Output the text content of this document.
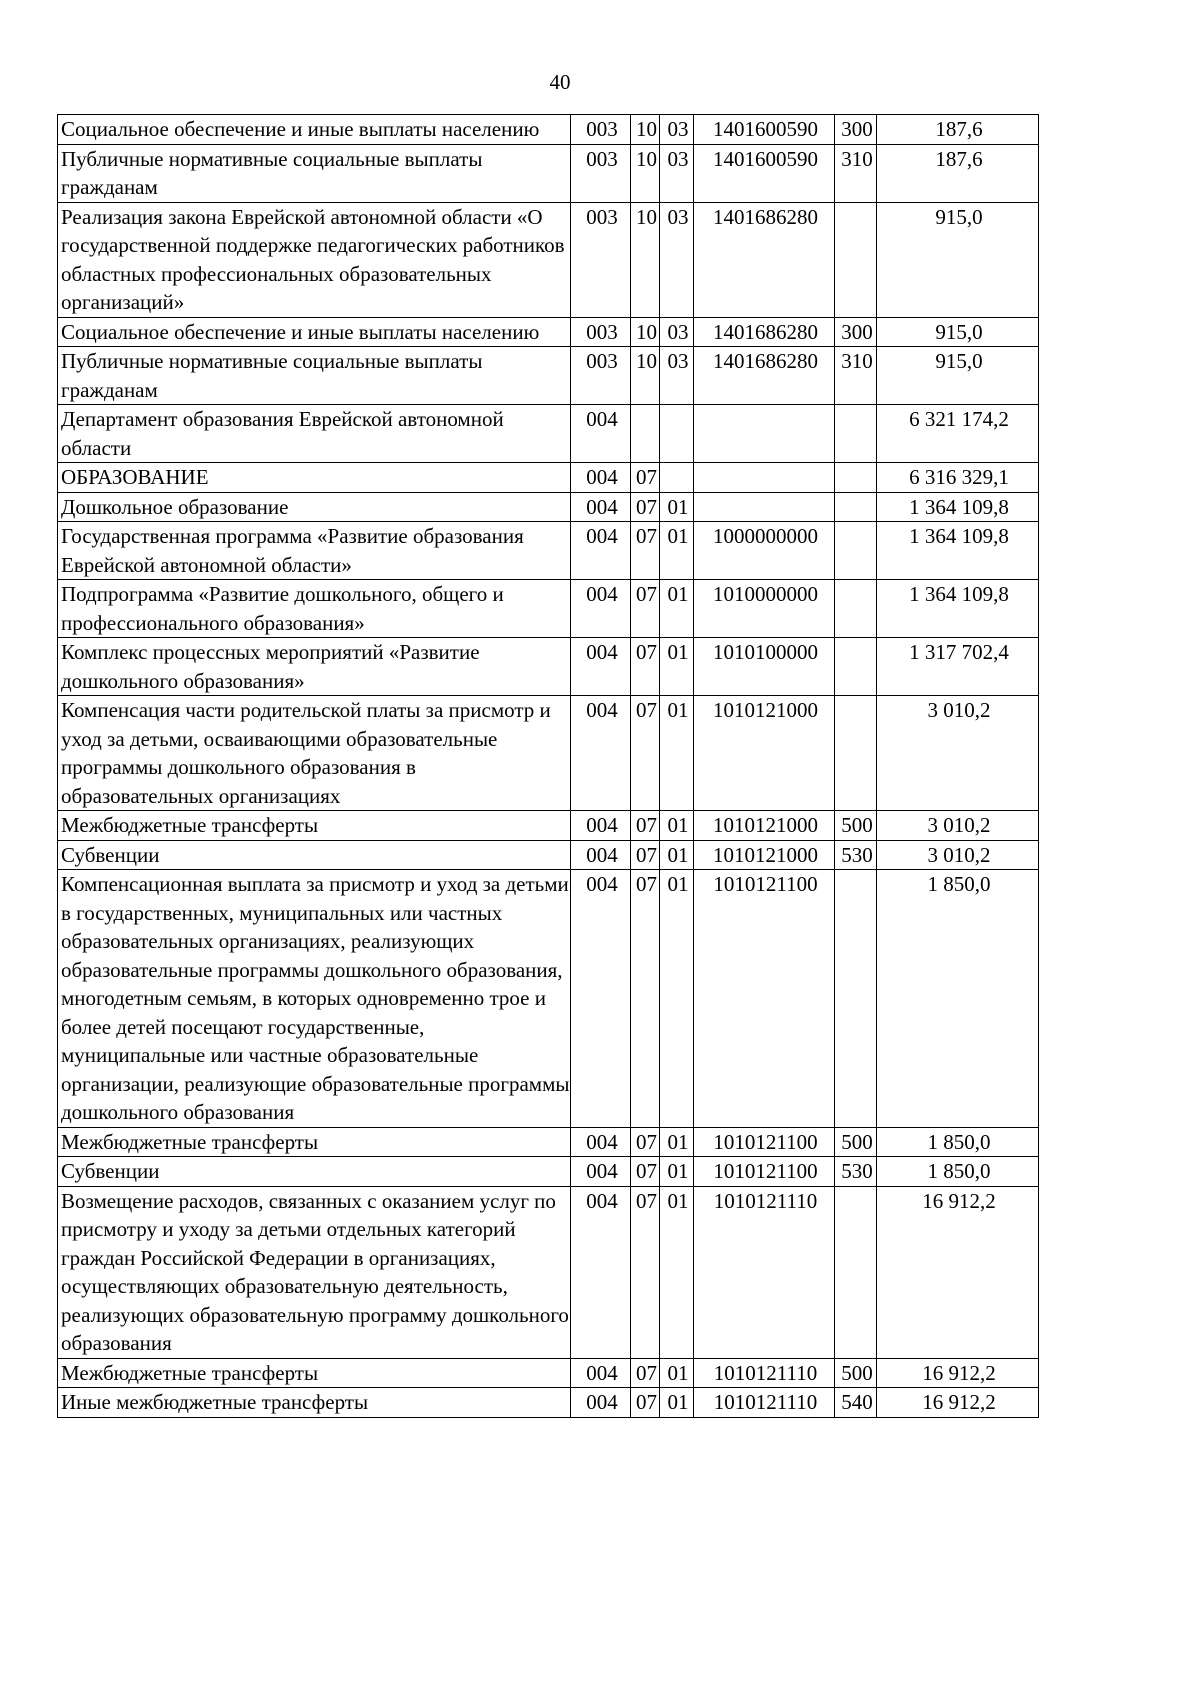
40
Социальное обеспечение и иные выплаты населению	003	10	03	1401600590	300	187,6
Публичные нормативные социальные выплаты гражданам	003	10	03	1401600590	310	187,6
Реализация закона Еврейской автономной области «О государственной поддержке педагогических работников областных профессиональных образовательных организаций»	003	10	03	1401686280		915,0
Социальное обеспечение и иные выплаты населению	003	10	03	1401686280	300	915,0
Публичные нормативные социальные выплаты гражданам	003	10	03	1401686280	310	915,0
Департамент образования Еврейской автономной области	004					6 321 174,2
ОБРАЗОВАНИЕ	004	07				6 316 329,1
Дошкольное образование	004	07	01			1 364 109,8
Государственная программа «Развитие образования Еврейской автономной области»	004	07	01	1000000000		1 364 109,8
Подпрограмма «Развитие дошкольного, общего и профессионального образования»	004	07	01	1010000000		1 364 109,8
Комплекс процессных мероприятий «Развитие дошкольного образования»	004	07	01	1010100000		1 317 702,4
Компенсация части родительской платы за присмотр и уход за детьми, осваивающими образовательные программы дошкольного образования в образовательных организациях	004	07	01	1010121000		3 010,2
Межбюджетные трансферты	004	07	01	1010121000	500	3 010,2
Субвенции	004	07	01	1010121000	530	3 010,2
Компенсационная выплата за присмотр и уход за детьми в государственных, муниципальных или частных образовательных организациях, реализующих образовательные программы дошкольного образования, многодетным семьям, в которых одновременно трое и более детей посещают государственные, муниципальные или частные образовательные организации, реализующие образовательные программы дошкольного образования	004	07	01	1010121100		1 850,0
Межбюджетные трансферты	004	07	01	1010121100	500	1 850,0
Субвенции	004	07	01	1010121100	530	1 850,0
Возмещение расходов, связанных с оказанием услуг по присмотру и уходу за детьми отдельных категорий граждан Российской Федерации в организациях, осуществляющих образовательную деятельность, реализующих образовательную программу дошкольного образования	004	07	01	1010121110		16 912,2
Межбюджетные трансферты	004	07	01	1010121110	500	16 912,2
Иные межбюджетные трансферты	004	07	01	1010121110	540	16 912,2
